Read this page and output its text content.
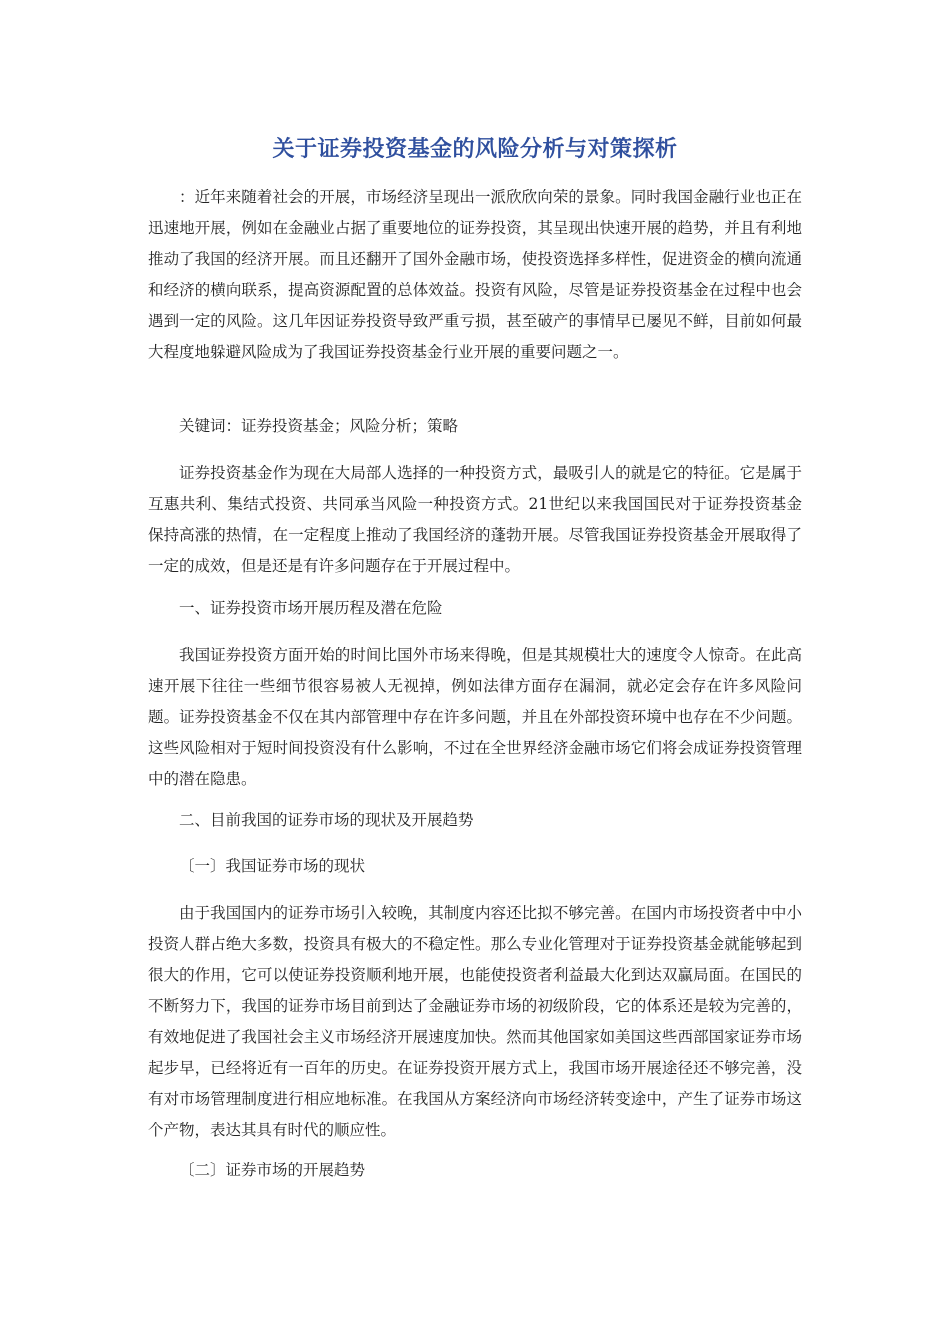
关于证券投资基金的风险分析与对策探析

：近年来随着社会的开展，市场经济呈现出一派欣欣向荣的景象。同时我国金融行业也正在迅速地开展，例如在金融业占据了重要地位的证券投资，其呈现出快速开展的趋势，并且有利地推动了我国的经济开展。而且还翻开了国外金融市场，使投资选择多样性，促进资金的横向流通和经济的横向联系，提高资源配置的总体效益。投资有风险，尽管是证券投资基金在过程中也会遇到一定的风险。这几年因证券投资导致严重亏损，甚至破产的事情早已屡见不鲜，目前如何最大程度地躲避风险成为了我国证券投资基金行业开展的重要问题之一。

关键词：证券投资基金；风险分析；策略

证券投资基金作为现在大局部人选择的一种投资方式，最吸引人的就是它的特征。它是属于互惠共利、集结式投资、共同承当风险一种投资方式。21世纪以来我国国民对于证券投资基金保持高涨的热情，在一定程度上推动了我国经济的蓬勃开展。尽管我国证券投资基金开展取得了一定的成效，但是还是有许多问题存在于开展过程中。

一、证券投资市场开展历程及潜在危险

我国证券投资方面开始的时间比国外市场来得晚，但是其规模壮大的速度令人惊奇。在此高速开展下往往一些细节很容易被人无视掉，例如法律方面存在漏洞，就必定会存在许多风险问题。证券投资基金不仅在其内部管理中存在许多问题，并且在外部投资环境中也存在不少问题。这些风险相对于短时间投资没有什么影响，不过在全世界经济金融市场它们将会成证券投资管理中的潜在隐患。

二、目前我国的证券市场的现状及开展趋势

〔一〕我国证券市场的现状

由于我国国内的证券市场引入较晚，其制度内容还比拟不够完善。在国内市场投资者中中小投资人群占绝大多数，投资具有极大的不稳定性。那么专业化管理对于证券投资基金就能够起到很大的作用，它可以使证券投资顺利地开展，也能使投资者利益最大化到达双赢局面。在国民的不断努力下，我国的证券市场目前到达了金融证券市场的初级阶段，它的体系还是较为完善的，有效地促进了我国社会主义市场经济开展速度加快。然而其他国家如美国这些西部国家证券市场起步早，已经将近有一百年的历史。在证券投资开展方式上，我国市场开展途径还不够完善，没有对市场管理制度进行相应地标准。在我国从方案经济向市场经济转变途中，产生了证券市场这个产物，表达其具有时代的顺应性。

〔二〕证券市场的开展趋势
